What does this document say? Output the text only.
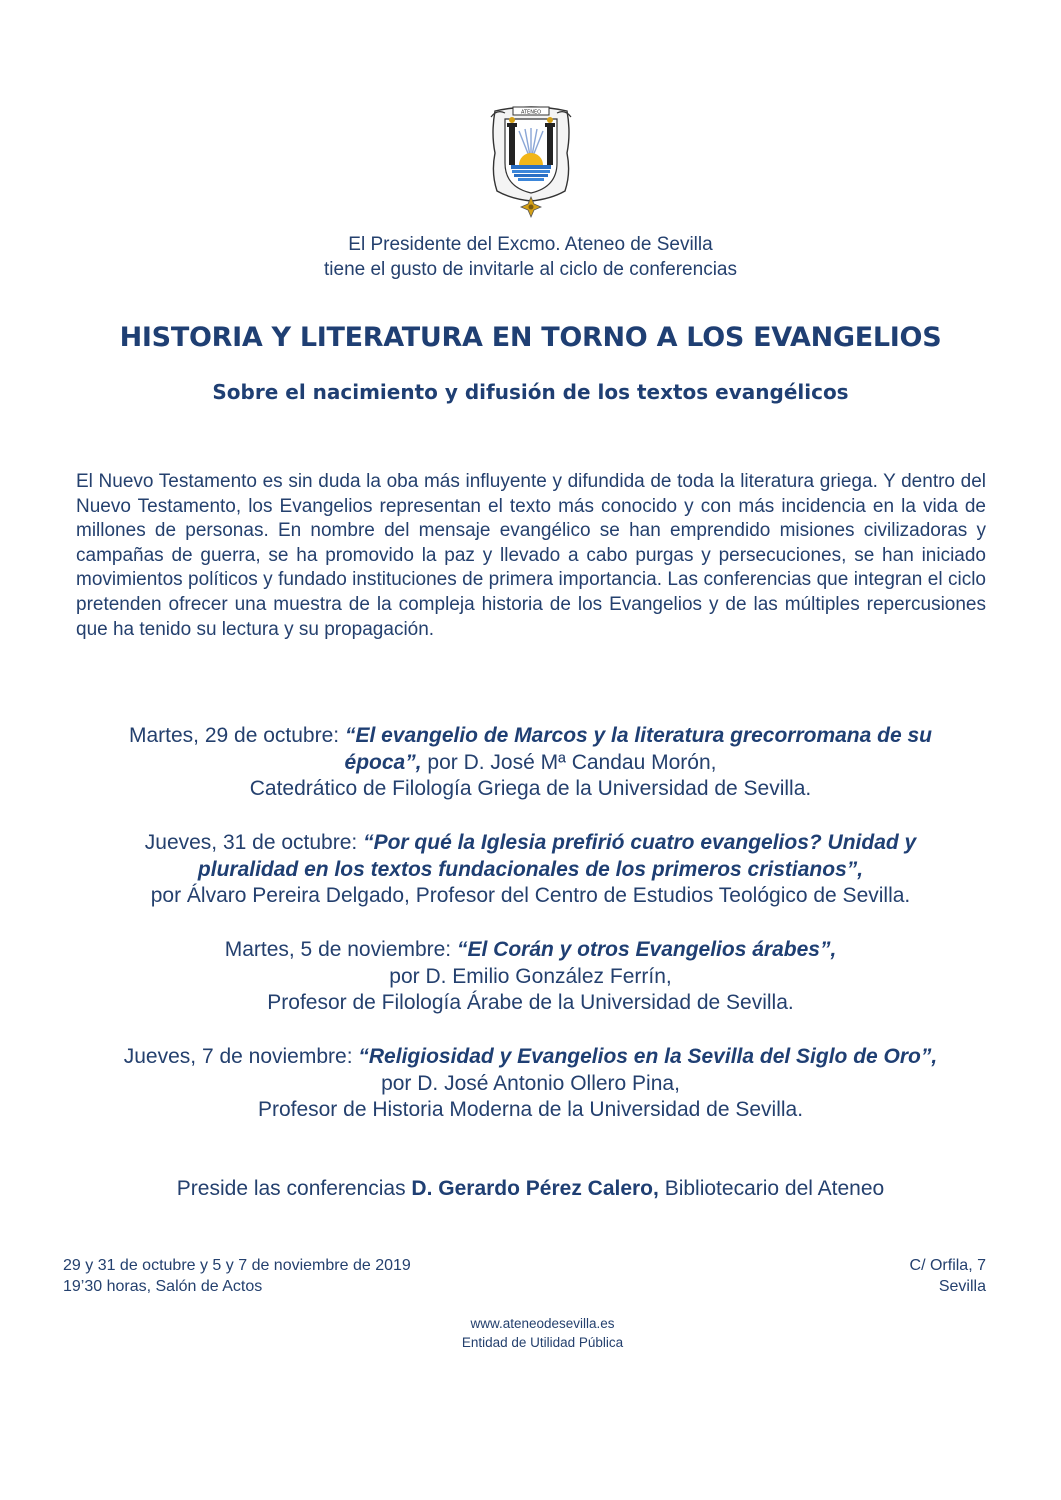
ATENEO
El Presidente del Excmo. Ateneo de Sevilla
tiene el gusto de invitarle al ciclo de conferencias
HISTORIA Y LITERATURA EN TORNO A LOS EVANGELIOS
Sobre el nacimiento y difusión de los textos evangélicos
El Nuevo Testamento es sin duda la oba más influyente y difundida de toda la literatura griega. Y dentro del Nuevo Testamento, los Evangelios representan el texto más conocido y con más incidencia en la vida de millones de personas. En nombre del mensaje evangélico se han emprendido misiones civilizadoras y campañas de guerra, se ha promovido la paz y llevado a cabo purgas y persecuciones, se han iniciado movimientos políticos y fundado instituciones de primera importancia. Las conferencias que integran el ciclo pretenden ofrecer una muestra de la compleja historia de los Evangelios y de las múltiples repercusiones que ha tenido su lectura y su propagación.
Martes, 29 de octubre: “El evangelio de Marcos y la literatura grecorromana de su
época”, por D. José Mª Candau Morón,
Catedrático de Filología Griega de la Universidad de Sevilla.
Jueves, 31 de octubre: “Por qué la Iglesia prefirió cuatro evangelios? Unidad y
pluralidad en los textos fundacionales de los primeros cristianos”,
por Álvaro Pereira Delgado, Profesor del Centro de Estudios Teológico de Sevilla.
Martes, 5 de noviembre: “El Corán y otros Evangelios árabes”,
por D. Emilio González Ferrín,
Profesor de Filología Árabe de la Universidad de Sevilla.
Jueves, 7 de noviembre: “Religiosidad y Evangelios en la Sevilla del Siglo de Oro”,
por D. José Antonio Ollero Pina,
Profesor de Historia Moderna de la Universidad de Sevilla.
Preside las conferencias D. Gerardo Pérez Calero, Bibliotecario del Ateneo
29 y 31 de octubre y 5 y 7 de noviembre de 2019
19’30 horas, Salón de Actos
C/ Orfila, 7
Sevilla
www.ateneodesevilla.es
Entidad de Utilidad Pública
